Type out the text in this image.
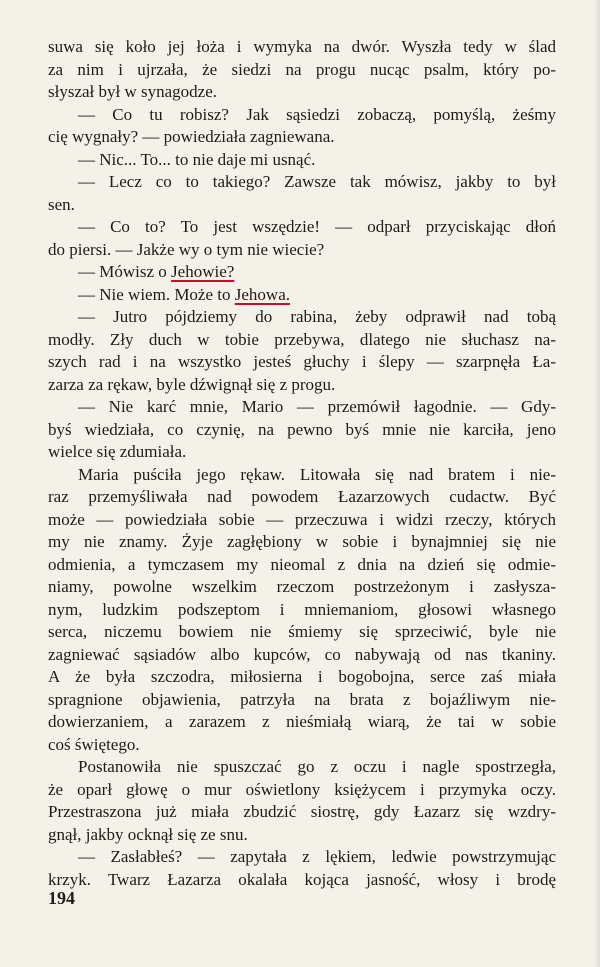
suwa się koło jej łoża i wymyka na dwór. Wyszła tedy w ślad
za nim i ujrzała, że siedzi na progu nucąc psalm, który po-
słyszał był w synagodze.
— Co tu robisz? Jak sąsiedzi zobaczą, pomyślą, żeśmy
cię wygnały? — powiedziała zagniewana.
— Nic... To... to nie daje mi usnąć.
— Lecz co to takiego? Zawsze tak mówisz, jakby to był
sen.
— Co to? To jest wszędzie! — odparł przyciskając dłoń
do piersi. — Jakże wy o tym nie wiecie?
— Mówisz o Jehowie?
— Nie wiem. Może to Jehowa.
— Jutro pójdziemy do rabina, żeby odprawił nad tobą
modły. Zły duch w tobie przebywa, dlatego nie słuchasz na-
szych rad i na wszystko jesteś głuchy i ślepy — szarpnęła Ła-
zarza za rękaw, byle dźwignął się z progu.
— Nie karć mnie, Mario — przemówił łagodnie. — Gdy-
byś wiedziała, co czynię, na pewno byś mnie nie karciła, jeno
wielce się zdumiała.
Maria puściła jego rękaw. Litowała się nad bratem i nie-
raz przemyśliwała nad powodem Łazarzowych cudactw. Być
może — powiedziała sobie — przeczuwa i widzi rzeczy, których
my nie znamy. Żyje zagłębiony w sobie i bynajmniej się nie
odmienia, a tymczasem my nieomal z dnia na dzień się odmie-
niamy, powolne wszelkim rzeczom postrzeżonym i zasłysza-
nym, ludzkim podszeptom i mniemaniom, głosowi własnego
serca, niczemu bowiem nie śmiemy się sprzeciwić, byle nie
zagniewać sąsiadów albo kupców, co nabywają od nas tkaniny.
A że była szczodra, miłosierna i bogobojna, serce zaś miała
spragnione objawienia, patrzyła na brata z bojaźliwym nie-
dowierzaniem, a zarazem z nieśmiałą wiarą, że tai w sobie
coś świętego.
Postanowiła nie spuszczać go z oczu i nagle spostrzegła,
że oparł głowę o mur oświetlony księżycem i przymyka oczy.
Przestraszona już miała zbudzić siostrę, gdy Łazarz się wzdry-
gnął, jakby ocknął się ze snu.
— Zasłabłeś? — zapytała z lękiem, ledwie powstrzymując
krzyk. Twarz Łazarza okalała kojąca jasność, włosy i brodę
194
